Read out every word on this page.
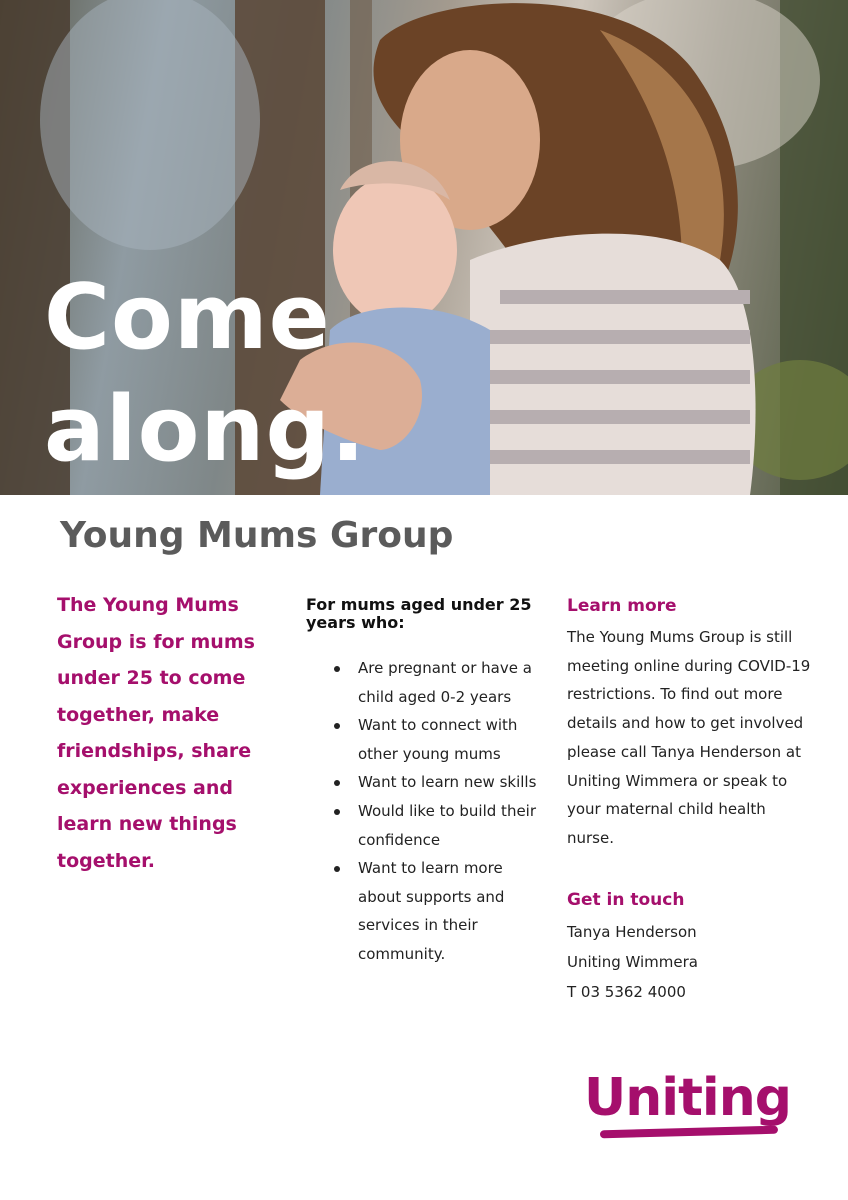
Come
along.
Young Mums Group

The Young Mums Group is for mums under 25 to come together, make friendships, share experiences and learn new things together.

For mums aged under 25 years who:
Are pregnant or have a child aged 0-2 years
Want to connect with other young mums
Want to learn new skills
Would like to build their confidence
Want to learn more about supports and services in their community.
Learn more

The Young Mums Group is still meeting online during COVID-19 restrictions. To find out more details and how to get involved please call Tanya Henderson at Uniting Wimmera or speak to your maternal child health nurse.

Get in touch
Tanya Henderson
Uniting Wimmera
T 03 5362 4000
Uniting
